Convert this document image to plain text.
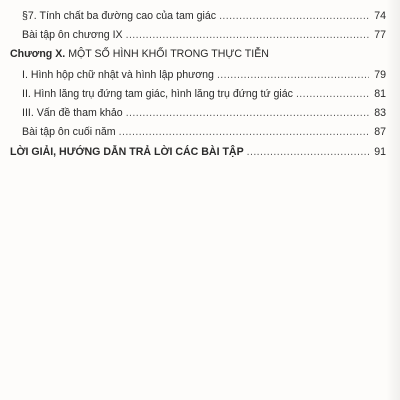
§7. Tính chất ba đường cao của tam giác .....	74
Bài tập ôn chương IX .....	77
Chương X. MỘT SỐ HÌNH KHỐI TRONG THỰC TIỄN
I. Hình hộp chữ nhật và hình lập phương .....	79
II. Hình lăng trụ đứng tam giác, hình lăng trụ đứng tứ giác .....	81
III. Vấn đề tham khảo .....	83
Bài tập ôn cuối năm .....	87
LỜI GIẢI, HƯỚNG DẪN TRẢ LỜI CÁC BÀI TẬP .....	91
